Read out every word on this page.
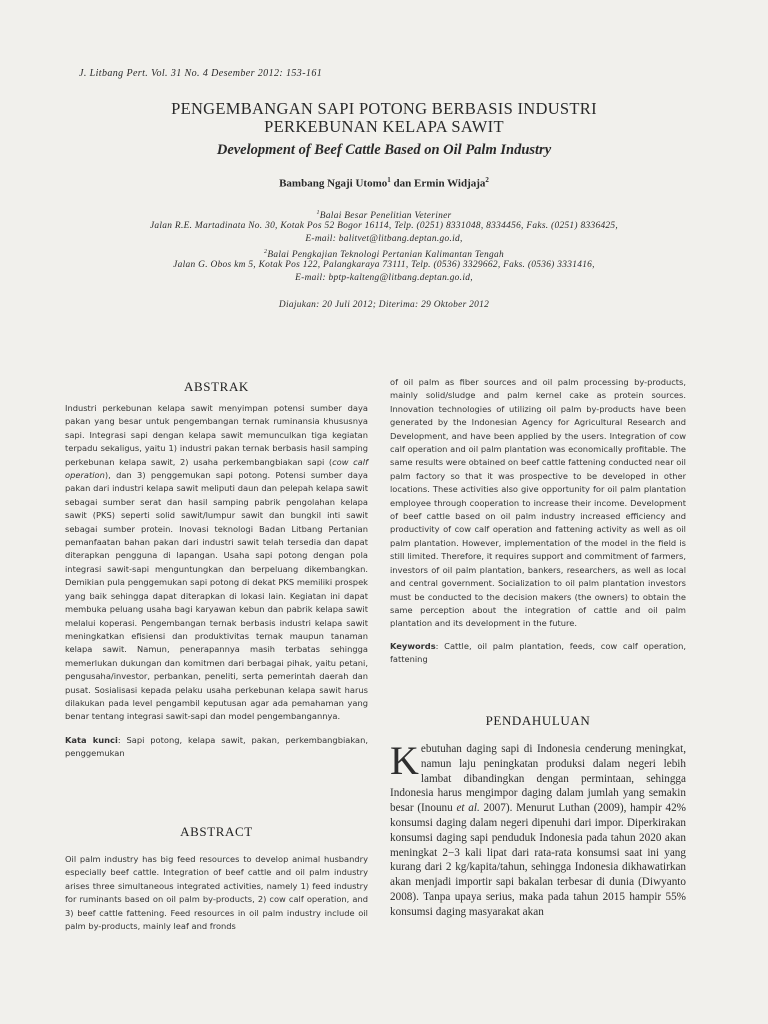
J. Litbang Pert. Vol. 31 No. 4 Desember 2012: 153-161
PENGEMBANGAN SAPI POTONG BERBASIS INDUSTRI
PERKEBUNAN KELAPA SAWIT
Development of Beef Cattle Based on Oil Palm Industry
Bambang Ngaji Utomo$^1$ dan Ermin Widjaja$^2$
$^1$Balai Besar Penelitian Veteriner
Jalan R.E. Martadinata No. 30, Kotak Pos 52 Bogor 16114, Telp. (0251) 8331048, 8334456, Faks. (0251) 8336425,
E-mail: balitvet@litbang.deptan.go.id,
$^2$Balai Pengkajian Teknologi Pertanian Kalimantan Tengah
Jalan G. Obos km 5, Kotak Pos 122, Palangkaraya 73111, Telp. (0536) 3329662, Faks. (0536) 3331416,
E-mail: bptp-kalteng@litbang.deptan.go.id,
Diajukan: 20 Juli 2012; Diterima: 29 Oktober 2012
ABSTRAK

Industri perkebunan kelapa sawit menyimpan potensi sumber daya pakan yang besar untuk pengembangan ternak ruminansia khususnya sapi. Integrasi sapi dengan kelapa sawit memunculkan tiga kegiatan terpadu sekaligus, yaitu 1) industri pakan ternak berbasis hasil samping perkebunan kelapa sawit, 2) usaha perkembangbiakan sapi (cow calf operation), dan 3) penggemukan sapi potong. Potensi sumber daya pakan dari industri kelapa sawit meliputi daun dan pelepah kelapa sawit sebagai sumber serat dan hasil samping pabrik pengolahan kelapa sawit (PKS) seperti solid sawit/lumpur sawit dan bungkil inti sawit sebagai sumber protein. Inovasi teknologi Badan Litbang Pertanian pemanfaatan bahan pakan dari industri sawit telah tersedia dan dapat diterapkan pengguna di lapangan. Usaha sapi potong dengan pola integrasi sawit-sapi menguntungkan dan berpeluang dikembangkan. Demikian pula penggemukan sapi potong di dekat PKS memiliki prospek yang baik sehingga dapat diterapkan di lokasi lain. Kegiatan ini dapat membuka peluang usaha bagi karyawan kebun dan pabrik kelapa sawit melalui koperasi. Pengembangan ternak berbasis industri kelapa sawit meningkatkan efisiensi dan produktivitas ternak maupun tanaman kelapa sawit. Namun, penerapannya masih terbatas sehingga memerlukan dukungan dan komitmen dari berbagai pihak, yaitu petani, pengusaha/investor, perbankan, peneliti, serta pemerintah daerah dan pusat. Sosialisasi kepada pelaku usaha perkebunan kelapa sawit harus dilakukan pada level pengambil keputusan agar ada pemahaman yang benar tentang integrasi sawit-sapi dan model pengembangannya.

Kata kunci: Sapi potong, kelapa sawit, pakan, perkembangbiakan, penggemukan

ABSTRACT

Oil palm industry has big feed resources to develop animal husbandry especially beef cattle. Integration of beef cattle and oil palm industry arises three simultaneous integrated activities, namely 1) feed industry for ruminants based on oil palm by-products, 2) cow calf operation, and 3) beef cattle fattening. Feed resources in oil palm industry include oil palm by-products, mainly leaf and fronds

of oil palm as fiber sources and oil palm processing by-products, mainly solid/sludge and palm kernel cake as protein sources. Innovation technologies of utilizing oil palm by-products have been generated by the Indonesian Agency for Agricultural Research and Development, and have been applied by the users. Integration of cow calf operation and oil palm plantation was economically profitable. The same results were obtained on beef cattle fattening conducted near oil palm factory so that it was prospective to be developed in other locations. These activities also give opportunity for oil palm plantation employee through cooperation to increase their income. Development of beef cattle based on oil palm industry increased efficiency and productivity of cow calf operation and fattening activity as well as oil palm plantation. However, implementation of the model in the field is still limited. Therefore, it requires support and commitment of farmers, investors of oil palm plantation, bankers, researchers, as well as local and central government. Socialization to oil palm plantation investors must be conducted to the decision makers (the owners) to obtain the same perception about the integration of cattle and oil palm plantation and its development in the future.

Keywords: Cattle, oil palm plantation, feeds, cow calf operation, fattening

PENDAHULUAN
Kebutuhan daging sapi di Indonesia cenderung meningkat, namun laju peningkatan produksi dalam negeri lebih lambat dibandingkan dengan permintaan, sehingga Indonesia harus mengimpor daging dalam jumlah yang semakin besar (Inounu et al. 2007). Menurut Luthan (2009), hampir 42% konsumsi daging dalam negeri dipenuhi dari impor. Diperkirakan konsumsi daging sapi penduduk Indonesia pada tahun 2020 akan meningkat 2−3 kali lipat dari rata-rata konsumsi saat ini yang kurang dari 2 kg/kapita/tahun, sehingga Indonesia dikhawatirkan akan menjadi importir sapi bakalan terbesar di dunia (Diwyanto 2008). Tanpa upaya serius, maka pada tahun 2015 hampir 55% konsumsi daging masyarakat akan
